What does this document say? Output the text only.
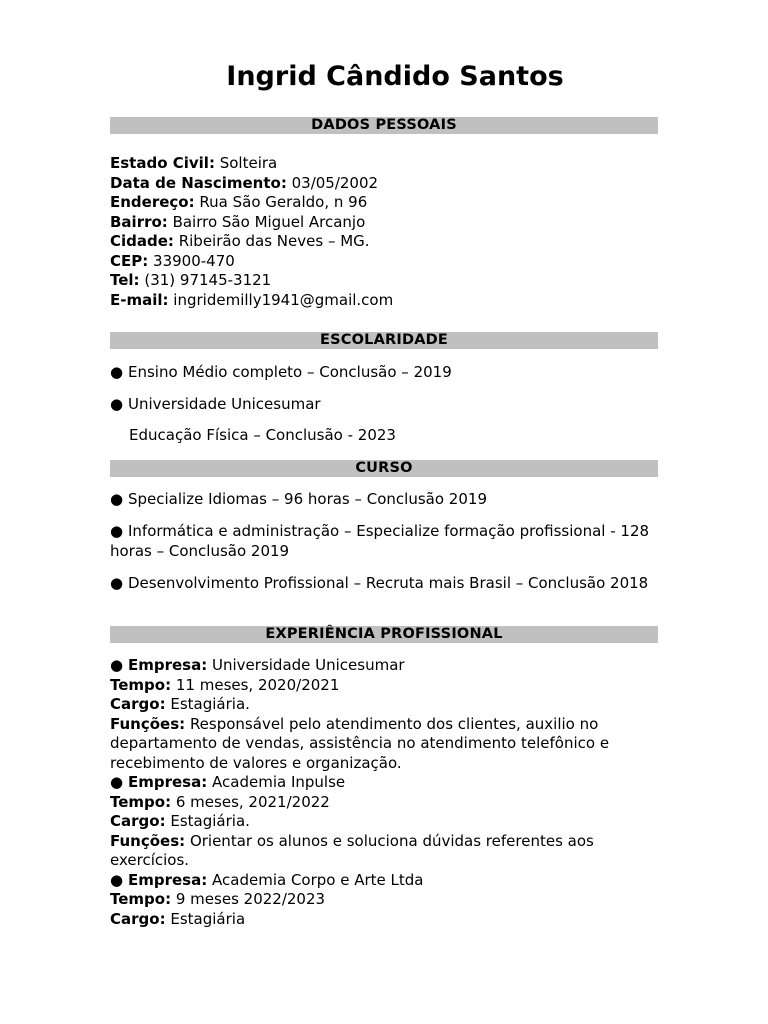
Ingrid Cândido Santos
DADOS PESSOAIS
Estado Civil: Solteira
Data de Nascimento: 03/05/2002
Endereço: Rua São Geraldo, n 96
Bairro: Bairro São Miguel Arcanjo
Cidade: Ribeirão das Neves – MG.
CEP: 33900-470
Tel: (31) 97145-3121
E-mail: ingridemilly1941@gmail.com
ESCOLARIDADE
● Ensino Médio completo – Conclusão – 2019
● Universidade Unicesumar
Educação Física – Conclusão - 2023
CURSO
● Specialize Idiomas – 96 horas – Conclusão 2019
● Informática e administração – Especialize formação profissional - 128 horas – Conclusão 2019
● Desenvolvimento Profissional – Recruta mais Brasil – Conclusão 2018
EXPERIÊNCIA PROFISSIONAL
● Empresa: Universidade Unicesumar
Tempo: 11 meses, 2020/2021
Cargo: Estagiária.
Funções: Responsável pelo atendimento dos clientes, auxilio no departamento de vendas, assistência no atendimento telefônico e recebimento de valores e organização.
● Empresa: Academia Inpulse
Tempo: 6 meses, 2021/2022
Cargo: Estagiária.
Funções: Orientar os alunos e soluciona dúvidas referentes aos exercícios.
● Empresa: Academia Corpo e Arte Ltda
Tempo: 9 meses 2022/2023
Cargo: Estagiária
